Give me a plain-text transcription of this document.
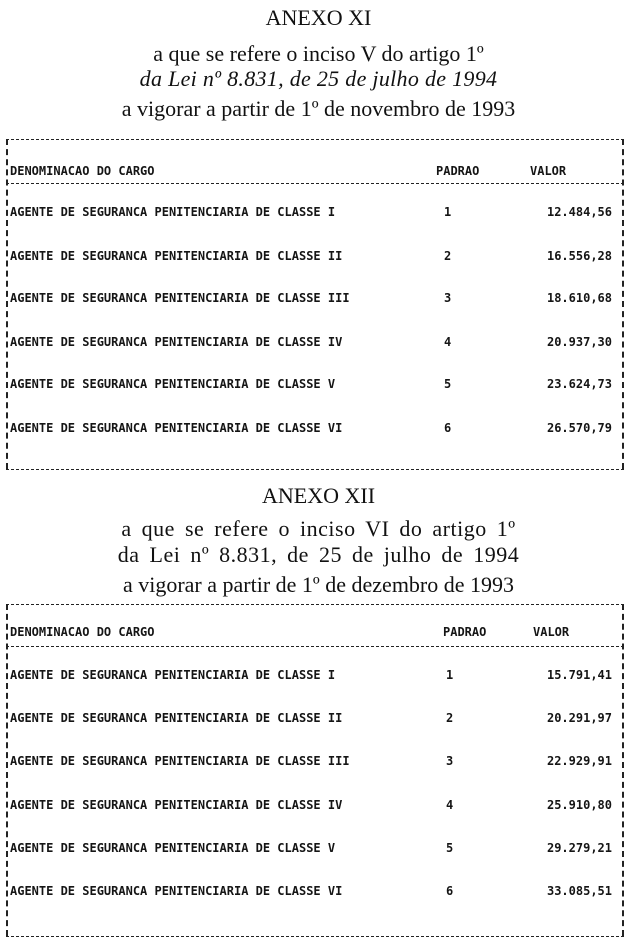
ANEXO XI
a que se refere o inciso V do artigo 1º
da Lei nº 8.831, de 25 de julho de 1994
a vigorar a partir de 1º de novembro de 1993
DENOMINACAO DO CARGO	PADRAO	VALOR
AGENTE DE SEGURANCA PENITENCIARIA DE CLASSE I	1	12.484,56
AGENTE DE SEGURANCA PENITENCIARIA DE CLASSE II	2	16.556,28
AGENTE DE SEGURANCA PENITENCIARIA DE CLASSE III	3	18.610,68
AGENTE DE SEGURANCA PENITENCIARIA DE CLASSE IV	4	20.937,30
AGENTE DE SEGURANCA PENITENCIARIA DE CLASSE V	5	23.624,73
AGENTE DE SEGURANCA PENITENCIARIA DE CLASSE VI	6	26.570,79
ANEXO XII
a que se refere o inciso VI do artigo 1º
da Lei nº 8.831, de 25 de julho de 1994
a vigorar a partir de 1º de dezembro de 1993
DENOMINACAO DO CARGO	PADRAO	VALOR
AGENTE DE SEGURANCA PENITENCIARIA DE CLASSE I	1	15.791,41
AGENTE DE SEGURANCA PENITENCIARIA DE CLASSE II	2	20.291,97
AGENTE DE SEGURANCA PENITENCIARIA DE CLASSE III	3	22.929,91
AGENTE DE SEGURANCA PENITENCIARIA DE CLASSE IV	4	25.910,80
AGENTE DE SEGURANCA PENITENCIARIA DE CLASSE V	5	29.279,21
AGENTE DE SEGURANCA PENITENCIARIA DE CLASSE VI	6	33.085,51
